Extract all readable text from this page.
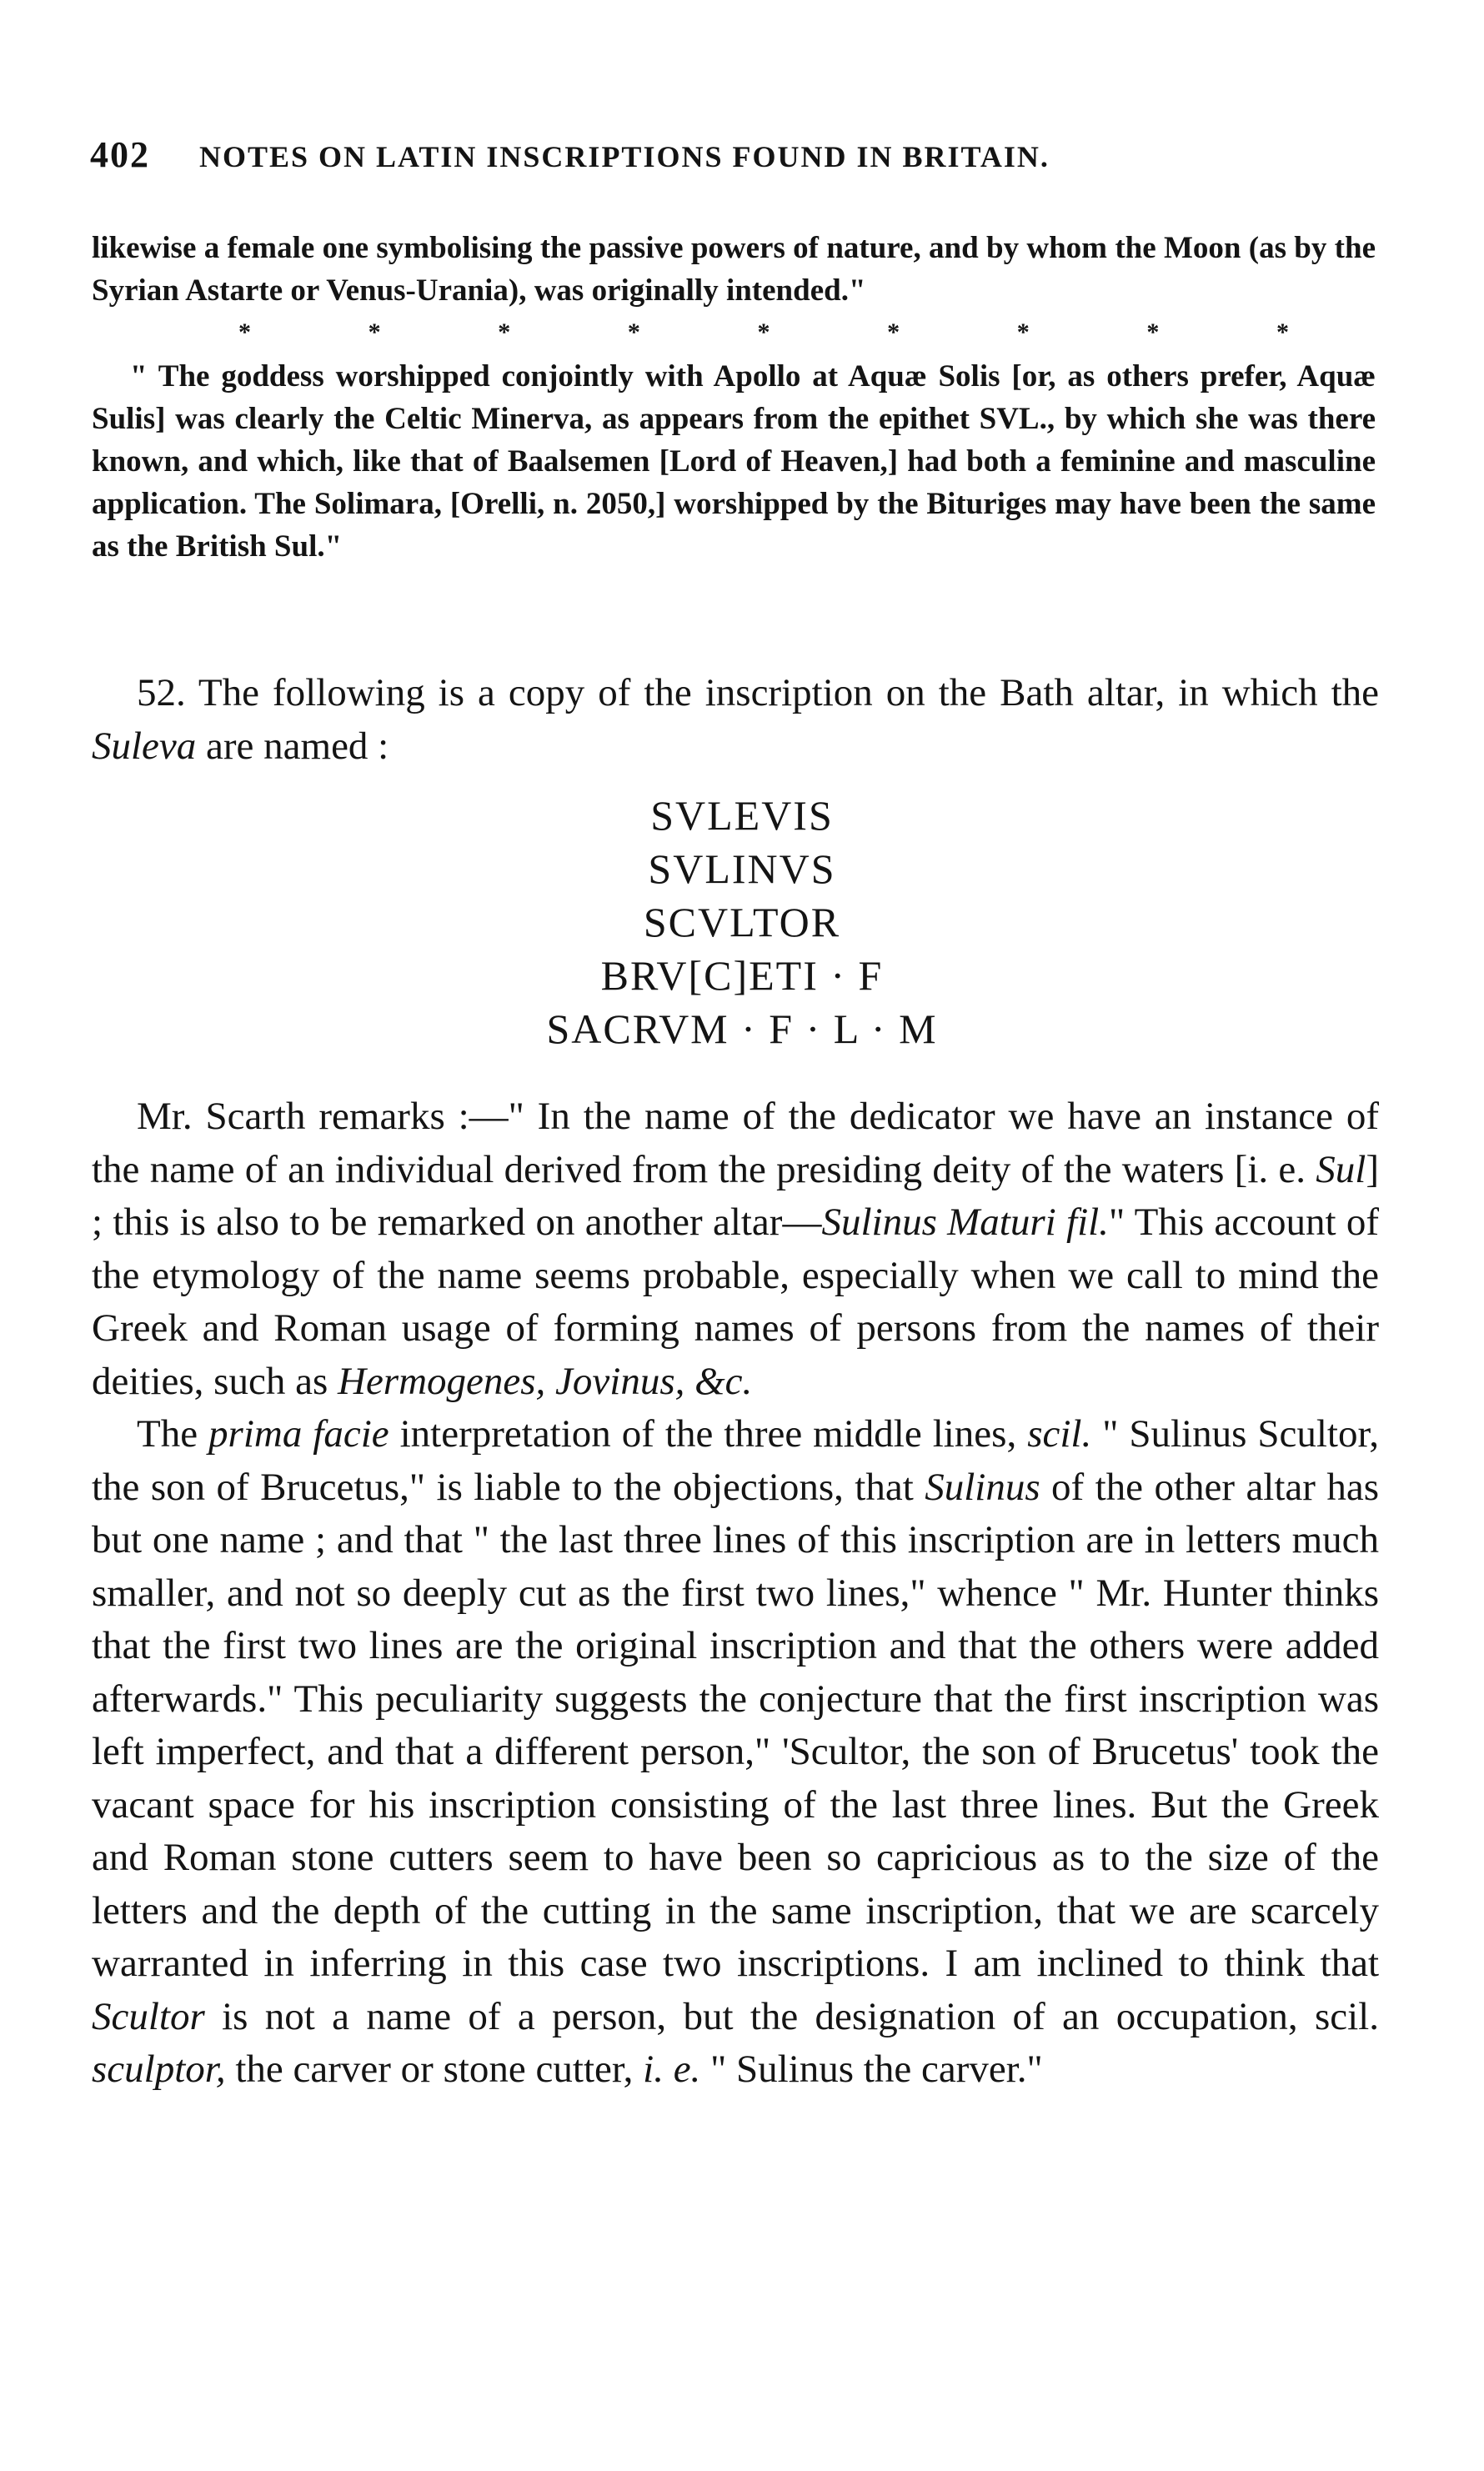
402 NOTES ON LATIN INSCRIPTIONS FOUND IN BRITAIN.

likewise a female one symbolising the passive powers of nature, and by whom the Moon (as by the Syrian Astarte or Venus-Urania), was originally intended."

*	*	*	*	*	*	*	*	*

" The goddess worshipped conjointly with Apollo at Aquæ Solis [or, as others prefer, Aquæ Sulis] was clearly the Celtic Minerva, as appears from the epithet SVL., by which she was there known, and which, like that of Baalsemen [Lord of Heaven,] had both a feminine and masculine application. The Solimara, [Orelli, n. 2050,] worshipped by the Bituriges may have been the same as the British Sul."

52. The following is a copy of the inscription on the Bath altar, in which the Suleva are named :

SVLEVIS
SVLINVS
SCVLTOR
BRV[C]ETI · F
SACRVM · F · L · M

Mr. Scarth remarks :—" In the name of the dedicator we have an instance of the name of an individual derived from the presiding deity of the waters [i. e. Sul] ; this is also to be remarked on another altar—Sulinus Maturi fil." This account of the etymology of the name seems probable, especially when we call to mind the Greek and Roman usage of forming names of persons from the names of their deities, such as Hermogenes, Jovinus, &c.

The prima facie interpretation of the three middle lines, scil. " Sulinus Scultor, the son of Brucetus," is liable to the objections, that Sulinus of the other altar has but one name ; and that " the last three lines of this inscription are in letters much smaller, and not so deeply cut as the first two lines," whence " Mr. Hunter thinks that the first two lines are the original inscription and that the others were added afterwards." This peculiarity suggests the conjecture that the first inscription was left imperfect, and that a different person," 'Scultor, the son of Brucetus' took the vacant space for his inscription consisting of the last three lines. But the Greek and Roman stone cutters seem to have been so capricious as to the size of the letters and the depth of the cutting in the same inscription, that we are scarcely warranted in inferring in this case two inscriptions. I am inclined to think that Scultor is not a name of a person, but the designation of an occupation, scil. sculptor, the carver or stone cutter, i. e. " Sulinus the carver."
